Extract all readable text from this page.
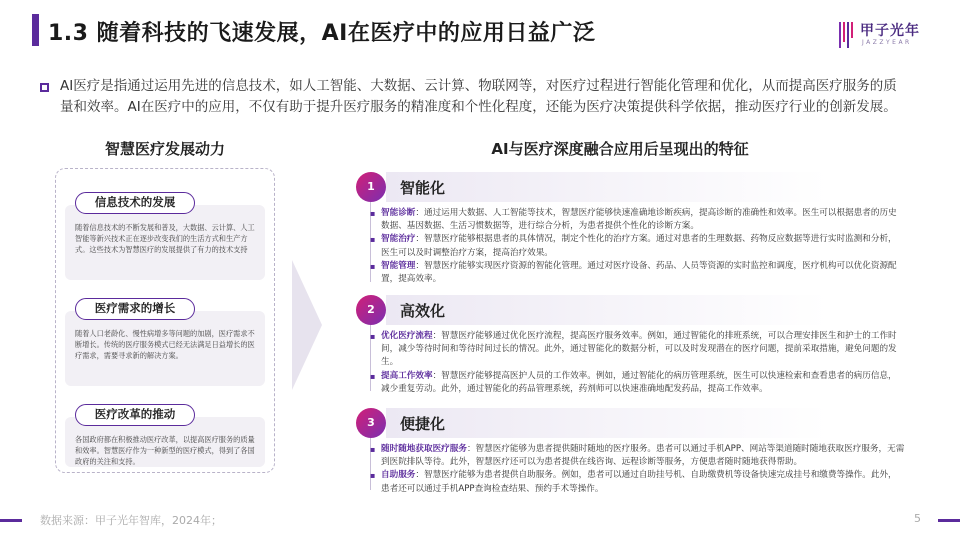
1.3 随着科技的飞速发展，AI在医疗中的应用日益广泛	甲子光年
JAZZYEAR
AI医疗是指通过运用先进的信息技术，如人工智能、大数据、云计算、物联网等，对医疗过程进行智能化管理和优化，从而提高医疗服务的质量和效率。AI在医疗中的应用，不仅有助于提升医疗服务的精准度和个性化程度，还能为医疗决策提供科学依据，推动医疗行业的创新发展。
智慧医疗发展动力
信息技术的发展
随着信息技术的不断发展和普及，大数据、云计算、人工智能等新兴技术正在逐步改变我们的生活方式和生产方式。这些技术为智慧医疗的发展提供了有力的技术支持
医疗需求的增长
随着人口老龄化、慢性病增多等问题的加剧，医疗需求不断增长。传统的医疗服务模式已经无法满足日益增长的医疗需求，需要寻求新的解决方案。
医疗改革的推动
各国政府都在积极推动医疗改革，以提高医疗服务的质量和效率。智慧医疗作为一种新型的医疗模式，得到了各国政府的关注和支持。
AI与医疗深度融合应用后呈现出的特征
1	智能化
▪ 智能诊断：通过运用大数据、人工智能等技术，智慧医疗能够快速准确地诊断疾病，提高诊断的准确性和效率。医生可以根据患者的历史数据、基因数据、生活习惯数据等，进行综合分析，为患者提供个性化的诊断方案。
▪ 智能治疗：智慧医疗能够根据患者的具体情况，制定个性化的治疗方案。通过对患者的生理数据、药物反应数据等进行实时监测和分析，医生可以及时调整治疗方案，提高治疗效果。
▪ 智能管理：智慧医疗能够实现医疗资源的智能化管理。通过对医疗设备、药品、人员等资源的实时监控和调度，医疗机构可以优化资源配置，提高效率。
2	高效化
▪ 优化医疗流程：智慧医疗能够通过优化医疗流程，提高医疗服务效率。例如，通过智能化的排班系统，可以合理安排医生和护士的工作时间，减少等待时间和等待时间过长的情况。此外，通过智能化的数据分析，可以及时发现潜在的医疗问题，提前采取措施，避免问题的发生。
▪ 提高工作效率：智慧医疗能够提高医护人员的工作效率。例如，通过智能化的病历管理系统，医生可以快速检索和查看患者的病历信息，减少重复劳动。此外，通过智能化的药品管理系统，药剂师可以快速准确地配发药品，提高工作效率。
3	便捷化
▪ 随时随地获取医疗服务：智慧医疗能够为患者提供随时随地的医疗服务。患者可以通过手机APP、网站等渠道随时随地获取医疗服务，无需到医院排队等待。此外，智慧医疗还可以为患者提供在线咨询、远程诊断等服务，方便患者随时随地获得帮助。
▪ 自助服务：智慧医疗能够为患者提供自助服务。例如，患者可以通过自助挂号机、自助缴费机等设备快速完成挂号和缴费等操作。此外，患者还可以通过手机APP查询检查结果、预约手术等操作。
数据来源：甲子光年智库，2024年；	5
